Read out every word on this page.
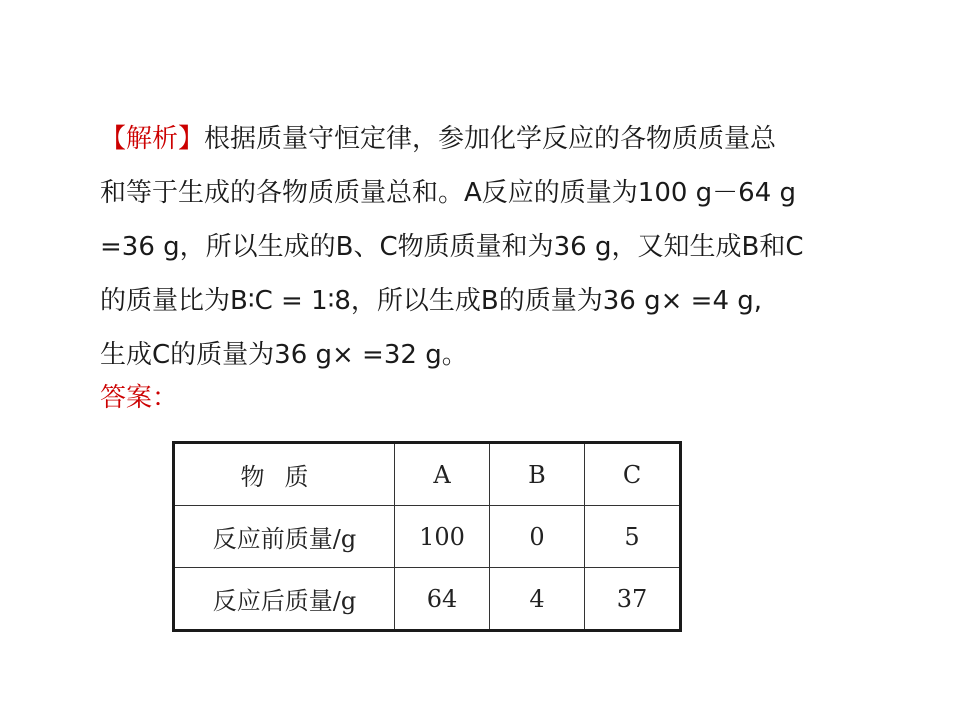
【解析】根据质量守恒定律，参加化学反应的各物质质量总
和等于生成的各物质质量总和。A反应的质量为100 g－64 g
=36 g，所以生成的B、C物质质量和为36 g，又知生成B和C
的质量比为B∶C = 1∶8，所以生成B的质量为36 g× =4 g,
生成C的质量为36 g× =32 g。
答案：
物质	A	B	C
反应前质量/g	100	0	5
反应后质量/g	64	4	37
